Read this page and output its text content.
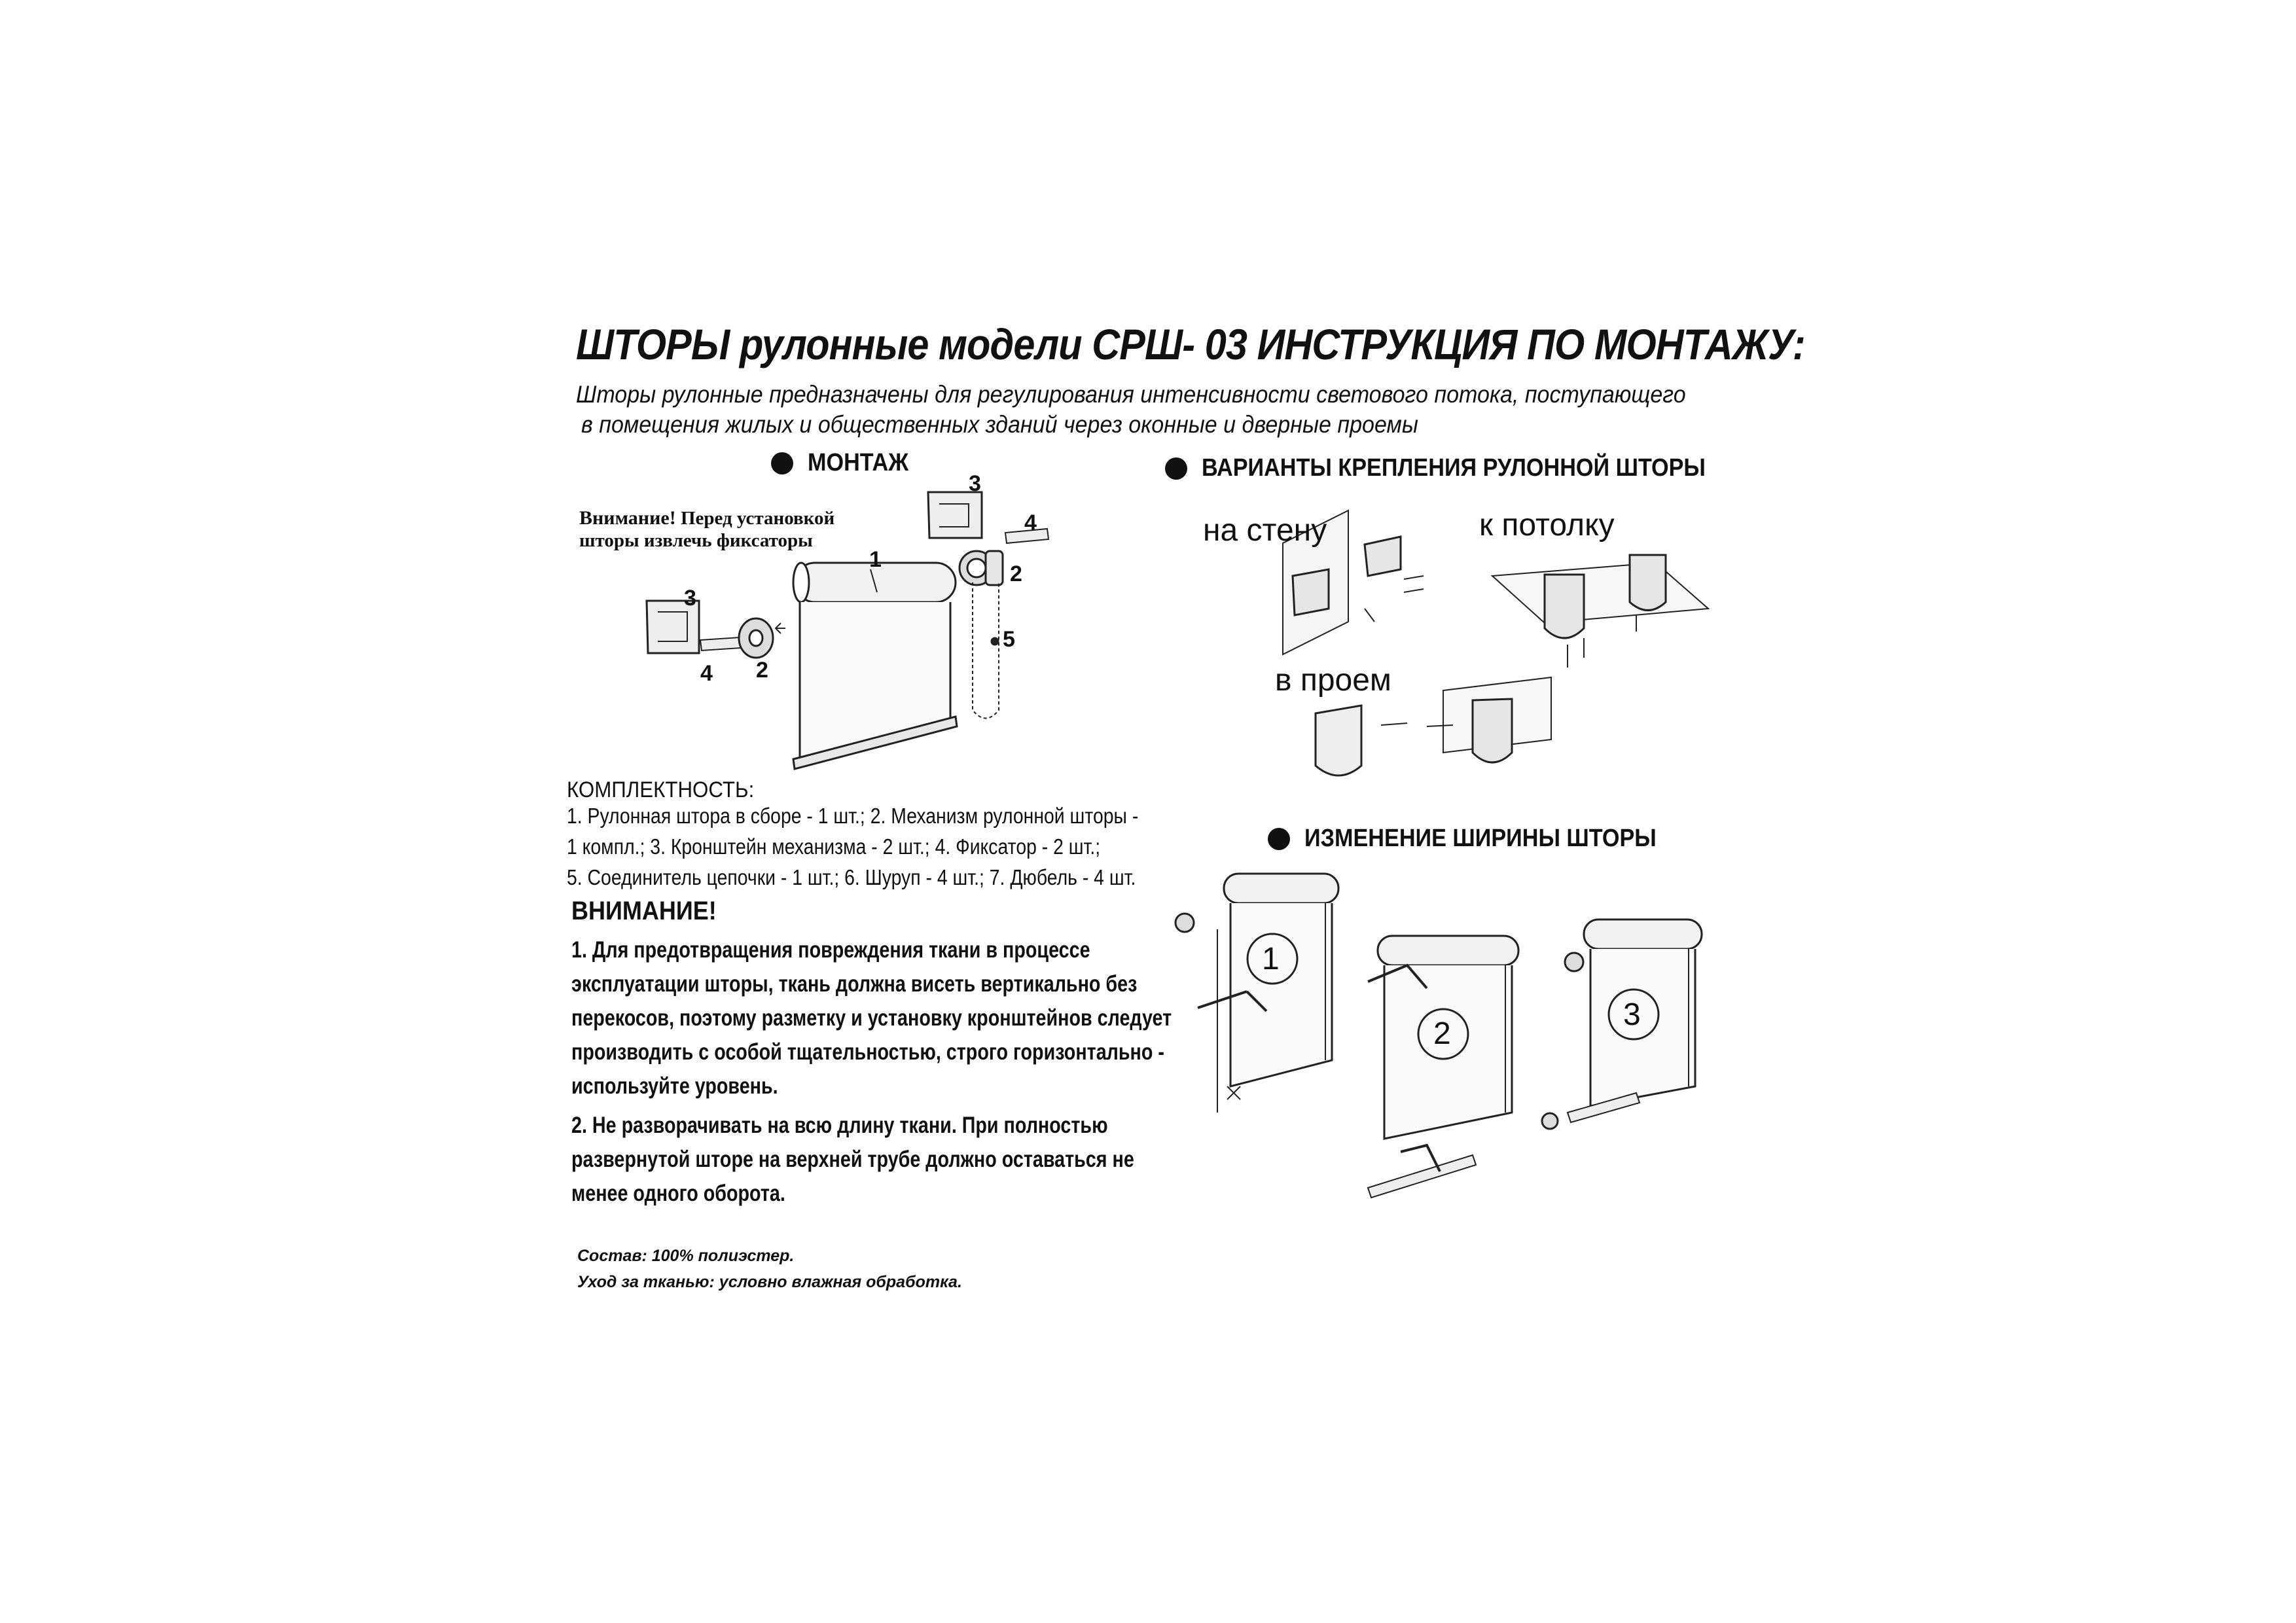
ШТОРЫ рулонные модели СРШ- 03 ИНСТРУКЦИЯ ПО МОНТАЖУ:
Шторы рулонные предназначены для регулирования интенсивности светового потока, поступающего
в помещения жилых и общественных зданий через оконные и дверные проемы
МОНТАЖ
Внимание! Перед установкой шторы извлечь фиксаторы
1
2
3
4
5
2
3
4
ВАРИАНТЫ КРЕПЛЕНИЯ РУЛОННОЙ ШТОРЫ
на стену	к потолку
в проем
ИЗМЕНЕНИЕ ШИРИНЫ ШТОРЫ
1
2
3
КОМПЛЕКТНОСТЬ:
1. Рулонная штора в сборе - 1 шт.; 2. Механизм рулонной шторы -
1 компл.; 3. Кронштейн механизма - 2 шт.; 4. Фиксатор - 2 шт.;
5. Соединитель цепочки - 1 шт.; 6. Шуруп - 4 шт.; 7. Дюбель - 4 шт.
ВНИМАНИЕ!
1. Для предотвращения повреждения ткани в процессе
эксплуатации шторы, ткань должна висеть вертикально без
перекосов, поэтому разметку и установку кронштейнов следует
производить с особой тщательностью, строго горизонтально -
используйте уровень.
2. Не разворачивать на всю длину ткани. При полностью
развернутой шторе на верхней трубе должно оставаться не
менее одного оборота.
Состав: 100% полиэстер.
Уход за тканью: условно влажная обработка.
